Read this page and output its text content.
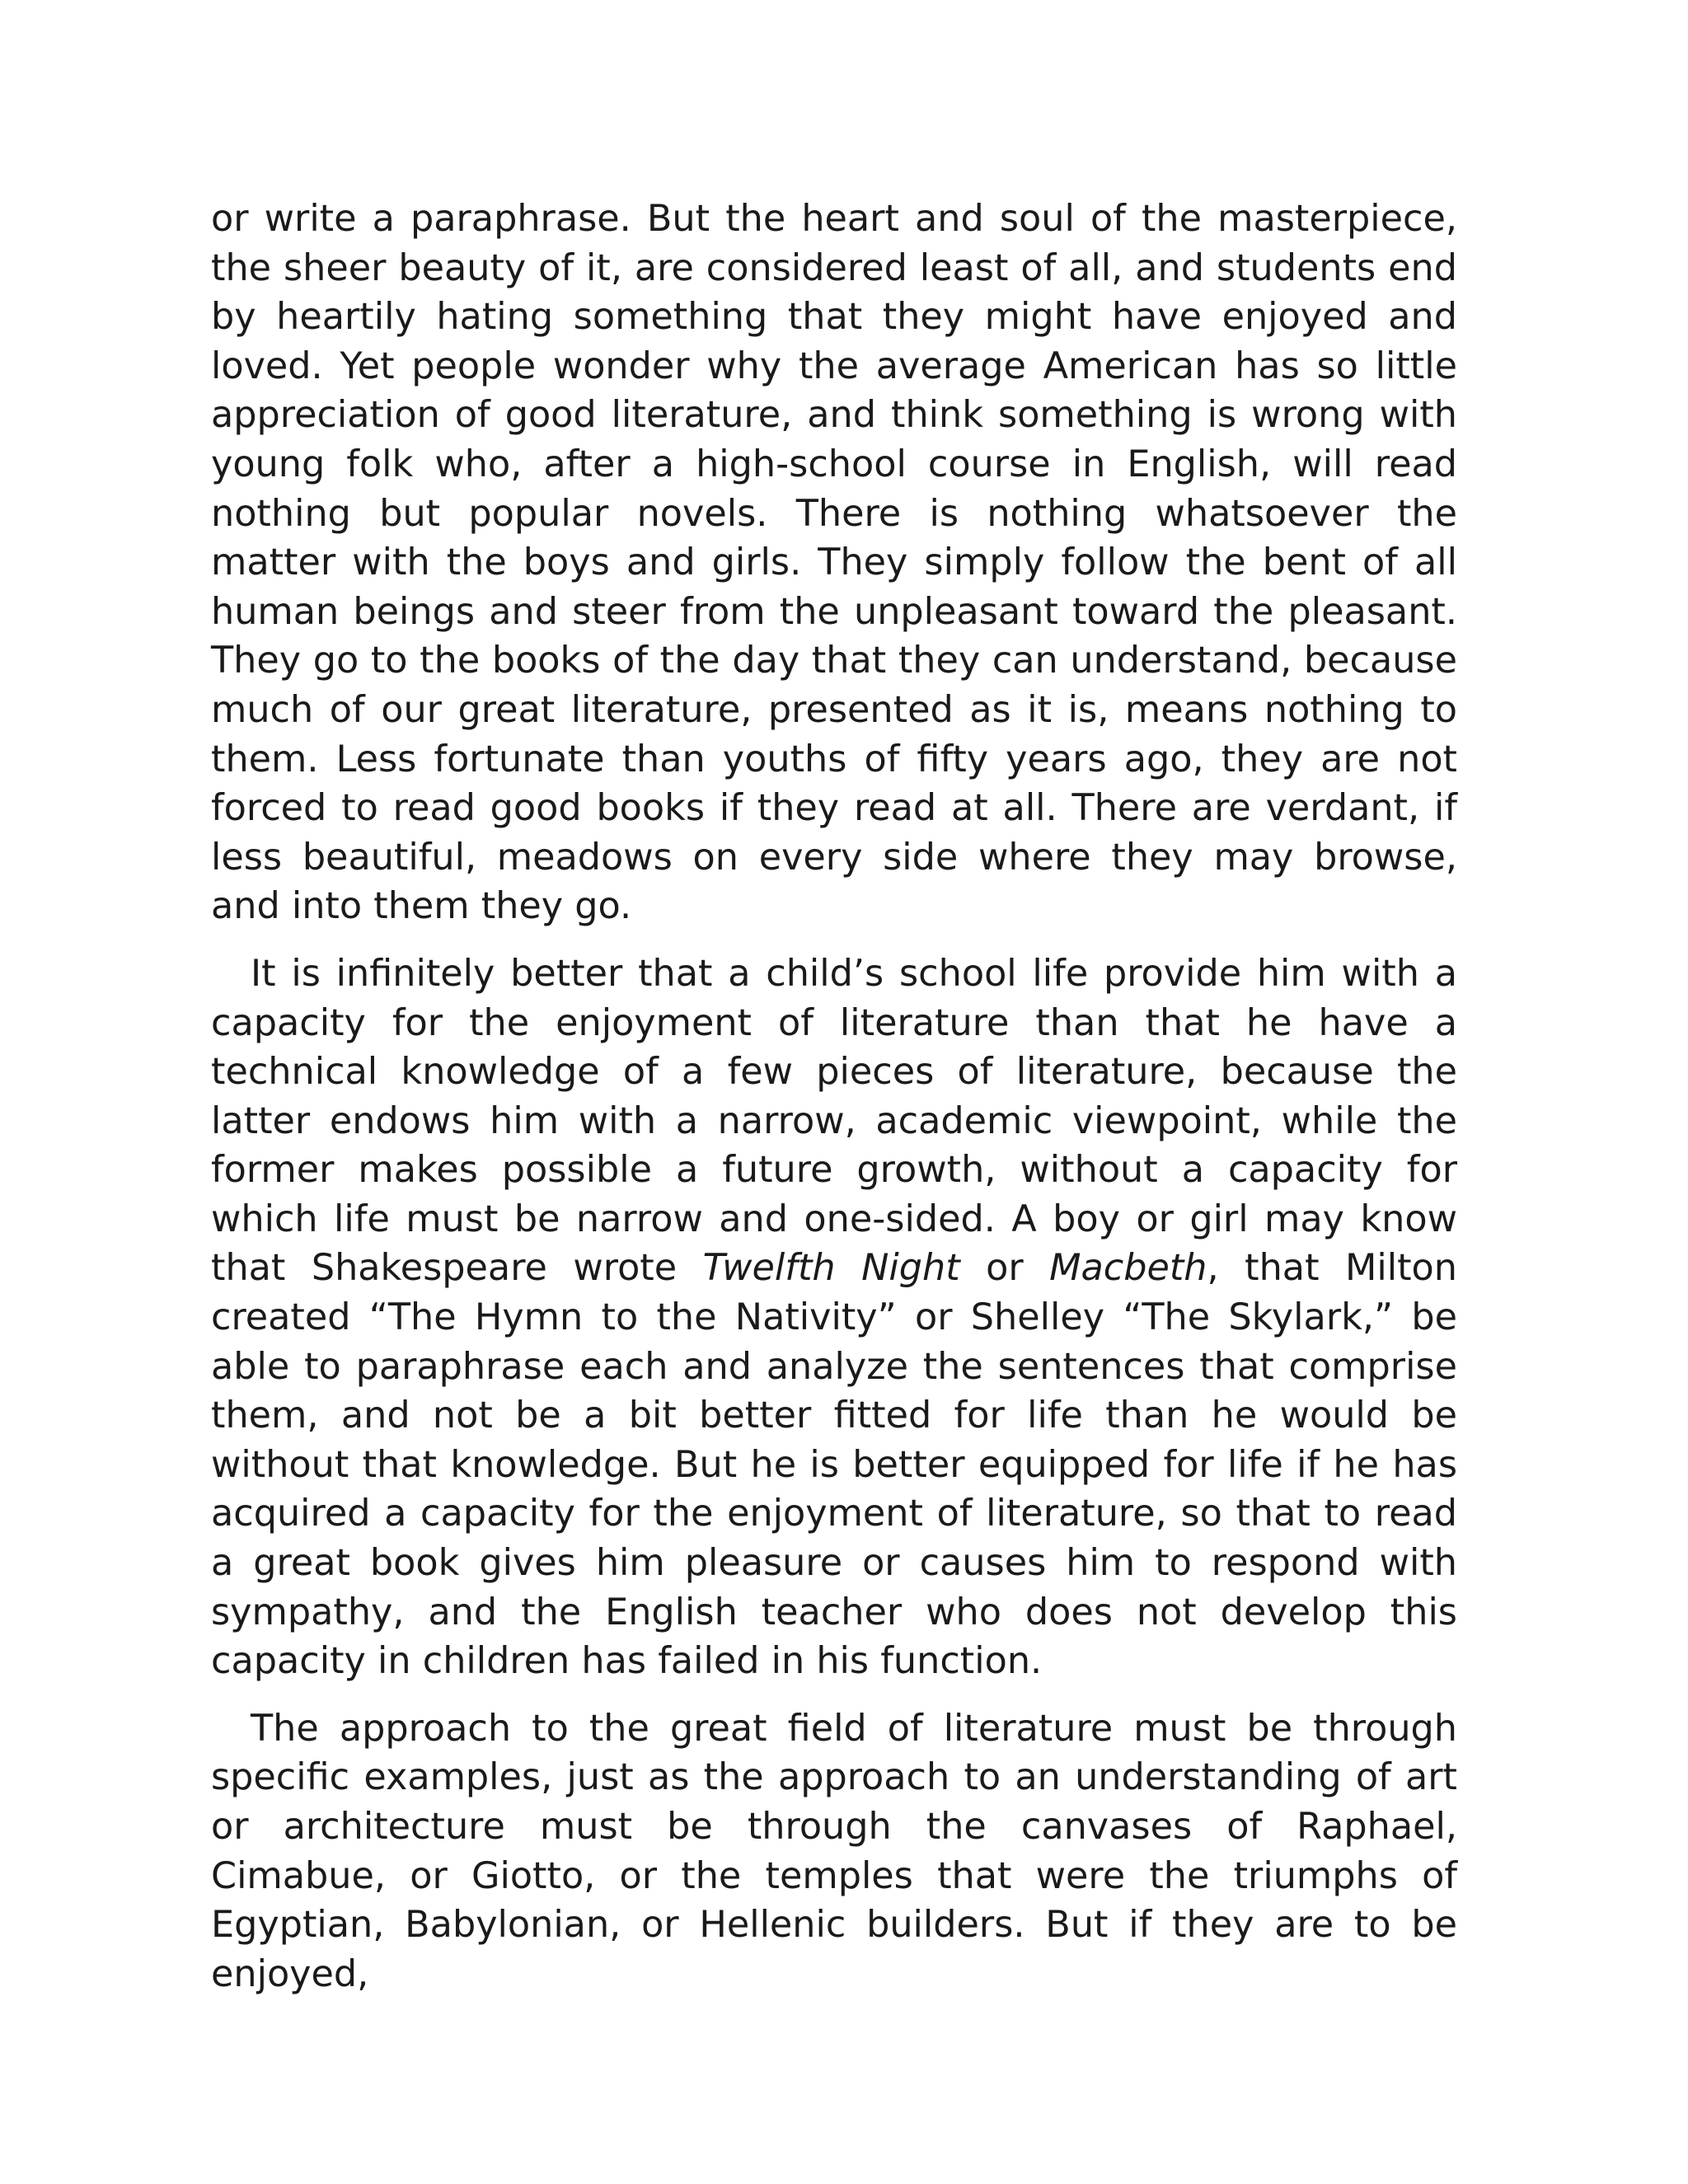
or write a paraphrase. But the heart and soul of the masterpiece, the sheer beauty of it, are considered least of all, and students end by heartily hating something that they might have enjoyed and loved. Yet people wonder why the average American has so little appreciation of good literature, and think something is wrong with young folk who, after a high-school course in English, will read nothing but popular novels. There is nothing whatsoever the matter with the boys and girls. They simply follow the bent of all human beings and steer from the unpleasant toward the pleasant. They go to the books of the day that they can understand, because much of our great literature, presented as it is, means nothing to them. Less fortunate than youths of fifty years ago, they are not forced to read good books if they read at all. There are verdant, if less beautiful, meadows on every side where they may browse, and into them they go.

It is infinitely better that a child’s school life provide him with a capacity for the enjoyment of literature than that he have a technical knowledge of a few pieces of literature, because the latter endows him with a narrow, academic viewpoint, while the former makes possible a future growth, without a capacity for which life must be narrow and one-sided. A boy or girl may know that Shakespeare wrote Twelfth Night or Macbeth, that Milton created “The Hymn to the Nativity” or Shelley “The Skylark,” be able to paraphrase each and analyze the sentences that comprise them, and not be a bit better fitted for life than he would be without that knowledge. But he is better equipped for life if he has acquired a capacity for the enjoyment of literature, so that to read a great book gives him pleasure or causes him to respond with sympathy, and the English teacher who does not develop this capacity in children has failed in his function.

The approach to the great field of literature must be through specific examples, just as the approach to an understanding of art or architecture must be through the canvases of Raphael, Cimabue, or Giotto, or the temples that were the triumphs of Egyptian, Babylonian, or Hellenic builders. But if they are to be enjoyed,
